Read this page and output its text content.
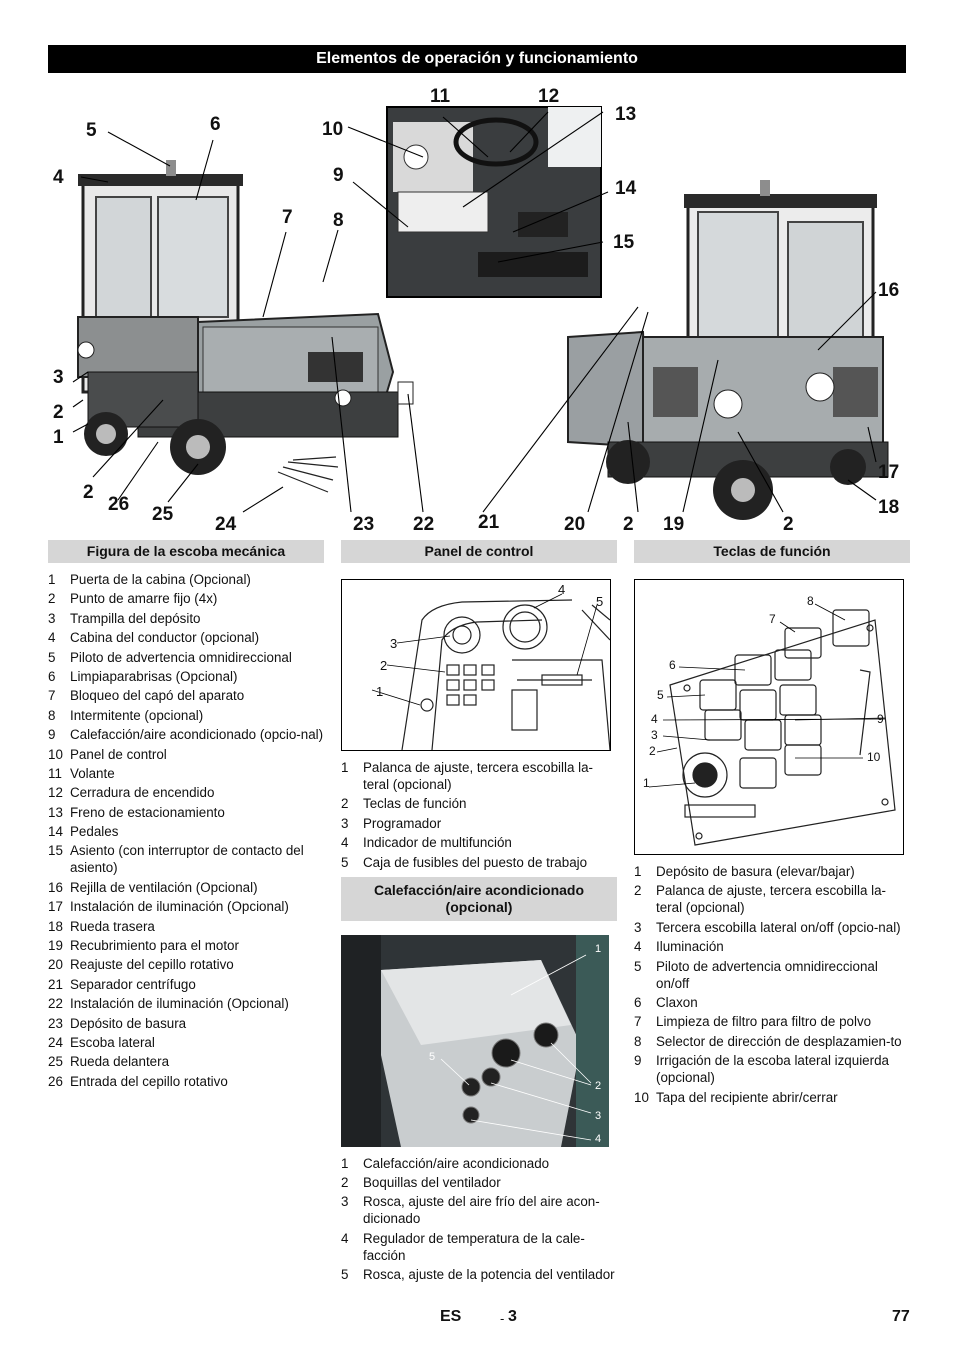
Elementos de operación y funcionamiento
5	6
4
7
3
2
1
2
26 25 24	23 22 21	20 2 19	2
10
9
8
11	12
13
14
15
16
17
18
Figura de la escoba mecánica
1	Puerta de la cabina (Opcional)
2	Punto de amarre fijo (4x)
3	Trampilla del depósito
4	Cabina del conductor (opcional)
5	Piloto de advertencia omnidireccional
6	Limpiaparabrisas (Opcional)
7	Bloqueo del capó del aparato
8	Intermitente (opcional)
9	Calefacción/aire acondicionado (opcio-nal)
10 Panel de control
11 Volante
12 Cerradura de encendido
13 Freno de estacionamiento
14 Pedales
15 Asiento (con interruptor de contacto del asiento)
16 Rejilla de ventilación (Opcional)
17 Instalación de iluminación (Opcional)
18 Rueda trasera
19 Recubrimiento para el motor
20 Reajuste del cepillo rotativo
21 Separador centrífugo
22 Instalación de iluminación (Opcional)
23 Depósito de basura
24 Escoba lateral
25 Rueda delantera
26 Entrada del cepillo rotativo
Panel de control
1
2
3
4
5
1	Palanca de ajuste, tercera escobilla la-teral (opcional)
2	Teclas de función
3	Programador
4	Indicador de multifunción
5	Caja de fusibles del puesto de trabajo
Calefacción/aire acondicionado (opcional)
1
2
3
4
5
1	Calefacción/aire acondicionado
2	Boquillas del ventilador
3	Rosca, ajuste del aire frío del aire acon-dicionado
4	Regulador de temperatura de la cale-facción
5	Rosca, ajuste de la potencia del ventilador
Teclas de función
1
2
3
4
5
6
7
8
9
10
1	Depósito de basura (elevar/bajar)
2	Palanca de ajuste, tercera escobilla la-teral (opcional)
3	Tercera escobilla lateral on/off (opcio-nal)
4	Iluminación
5	Piloto de advertencia omnidireccional on/off
6	Claxon
7	Limpieza de filtro para filtro de polvo
8	Selector de dirección de desplazamien-to
9	Irrigación de la escoba lateral izquierda (opcional)
10 Tapa del recipiente abrir/cerrar
ES	- 3	77
